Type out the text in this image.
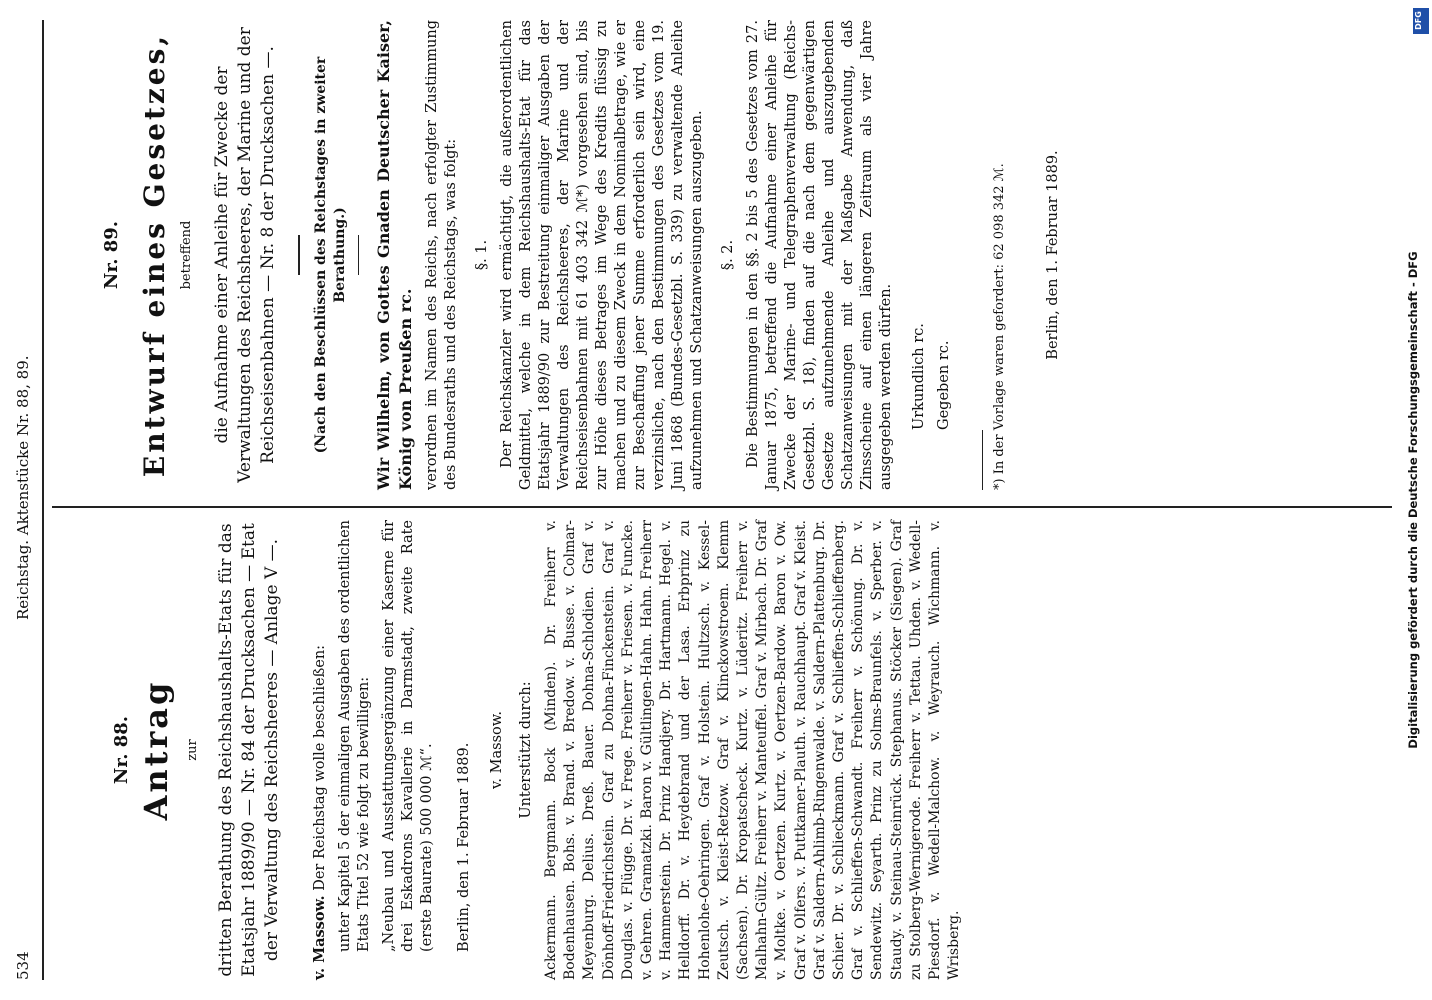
534
Reichstag. Aktenstücke Nr. 88, 89.
Nr. 88. Antrag zur dritten Berathung des Reichshaushalts-Etats für das Etatsjahr 1889/90 — Nr. 84 der Drucksachen — Etat der Verwaltung des Reichsheeres — Anlage V —. v. Massow. Der Reichstag wolle beschließen: unter Kapitel 5 der einmaligen Ausgaben des ordentlichen Etats Titel 52 wie folgt zu bewilligen: „Neubau und Ausstattungsergänzung einer Kaserne für drei Eskadrons Kavallerie in Darmstadt, zweite Rate (erste Baurate) 500 000 ℳ“. Berlin, den 1. Februar 1889. v. Massow. Unterstützt durch: Ackermann. Bergmann. Bock (Minden). Dr. Freiherr v. Bodenhausen. Bohs. v. Brand. v. Bredow. v. Busse. v. Colmar-Meyenburg. Delius. Dreß. Bauer. Dohna-Schlodien. Graf v. Dönhoff-Friedrichstein. Graf zu Dohna-Finckenstein. Graf v. Douglas. v. Flügge. Dr. v. Frege. Freiherr v. Friesen. v. Funcke. v. Gehren. Gramatzki. Baron v. Gültlingen-Hahn. Hahn. Freiherr v. Hammerstein. Dr. Prinz Handjery. Dr. Hartmann. Hegel. v. Helldorff. Dr. v. Heydebrand und der Lasa. Erbprinz zu Hohenlohe-Oehringen. Graf v. Holstein. Hultzsch. v. Kessel-Zeutsch. v. Kleist-Retzow. Graf v. Klinckowstroem. Klemm (Sachsen). Dr. Kropatscheck. Kurtz. v. Lüderitz. Freiherr v. Malhahn-Gültz. Freiherr v. Manteuffel. Graf v. Mirbach. Dr. Graf v. Moltke. v. Oertzen. Kurtz. v. Oertzen-Bardow. Baron v. Ow. Graf v. Olfers. v. Puttkamer-Plauth. v. Rauchhaupt. Graf v. Kleist. Graf v. Saldern-Ahlimb-Ringenwalde. v. Saldern-Plattenburg. Dr. Schier. Dr. v. Schlieckmann. Graf v. Schlieffen-Schlieffenberg. Graf v. Schlieffen-Schwandt. Freiherr v. Schönung. Dr. v. Sendewitz. Seyarth. Prinz zu Solms-Braunfels. v. Sperber. v. Staudy. v. Steinau-Steinrück. Stephanus. Stöcker (Siegen). Graf zu Stolberg-Wernigerode. Freiherr v. Tettau. Uhden. v. Wedell-Piesdorf. v. Wedell-Malchow. v. Weyrauch. Wichmann. v. Wrisberg.
Nr. 89. Entwurf eines Gesetzes, betreffend die Aufnahme einer Anleihe für Zwecke der Verwaltungen des Reichsheeres, der Marine und der Reichseisenbahnen — Nr. 8 der Drucksachen —. (Nach den Beschlüssen des Reichstages in zweiter Berathung.) Wir Wilhelm, von Gottes Gnaden Deutscher Kaiser, König von Preußen rc. verordnen im Namen des Reichs, nach erfolgter Zustimmung des Bundesraths und des Reichstags, was folgt: §. 1. Der Reichskanzler wird ermächtigt, die außerordentlichen Geldmittel, welche in dem Reichshaushalts-Etat für das Etatsjahr 1889/90 zur Bestreitung einmaliger Ausgaben der Verwaltungen des Reichsheeres, der Marine und der Reichseisenbahnen mit 61 403 342 ℳ*) vorgesehen sind, bis zur Höhe dieses Betrages im Wege des Kredits flüssig zu machen und zu diesem Zweck in dem Nominalbetrage, wie er zur Beschaffung jener Summe erforderlich sein wird, eine verzinsliche, nach den Bestimmungen des Gesetzes vom 19. Juni 1868 (Bundes-Gesetzbl. S. 339) zu verwaltende Anleihe aufzunehmen und Schatzanweisungen auszugeben. §. 2. Die Bestimmungen in den §§. 2 bis 5 des Gesetzes vom 27. Januar 1875, betreffend die Aufnahme einer Anleihe für Zwecke der Marine- und Telegraphenverwaltung (Reichs-Gesetzbl. S. 18), finden auf die nach dem gegenwärtigen Gesetze aufzunehmende Anleihe und auszugebenden Schatzanweisungen mit der Maßgabe Anwendung, daß Zinsscheine auf einen längeren Zeitraum als vier Jahre ausgegeben werden dürfen. Urkundlich rc. Gegeben rc.	*) In der Vorlage waren gefordert: 62 098 342 ℳ.	Berlin, den 1. Februar 1889.	Digitalisierung gefördert durch die Deutsche Forschungsgemeinschaft - DFG
DFG
